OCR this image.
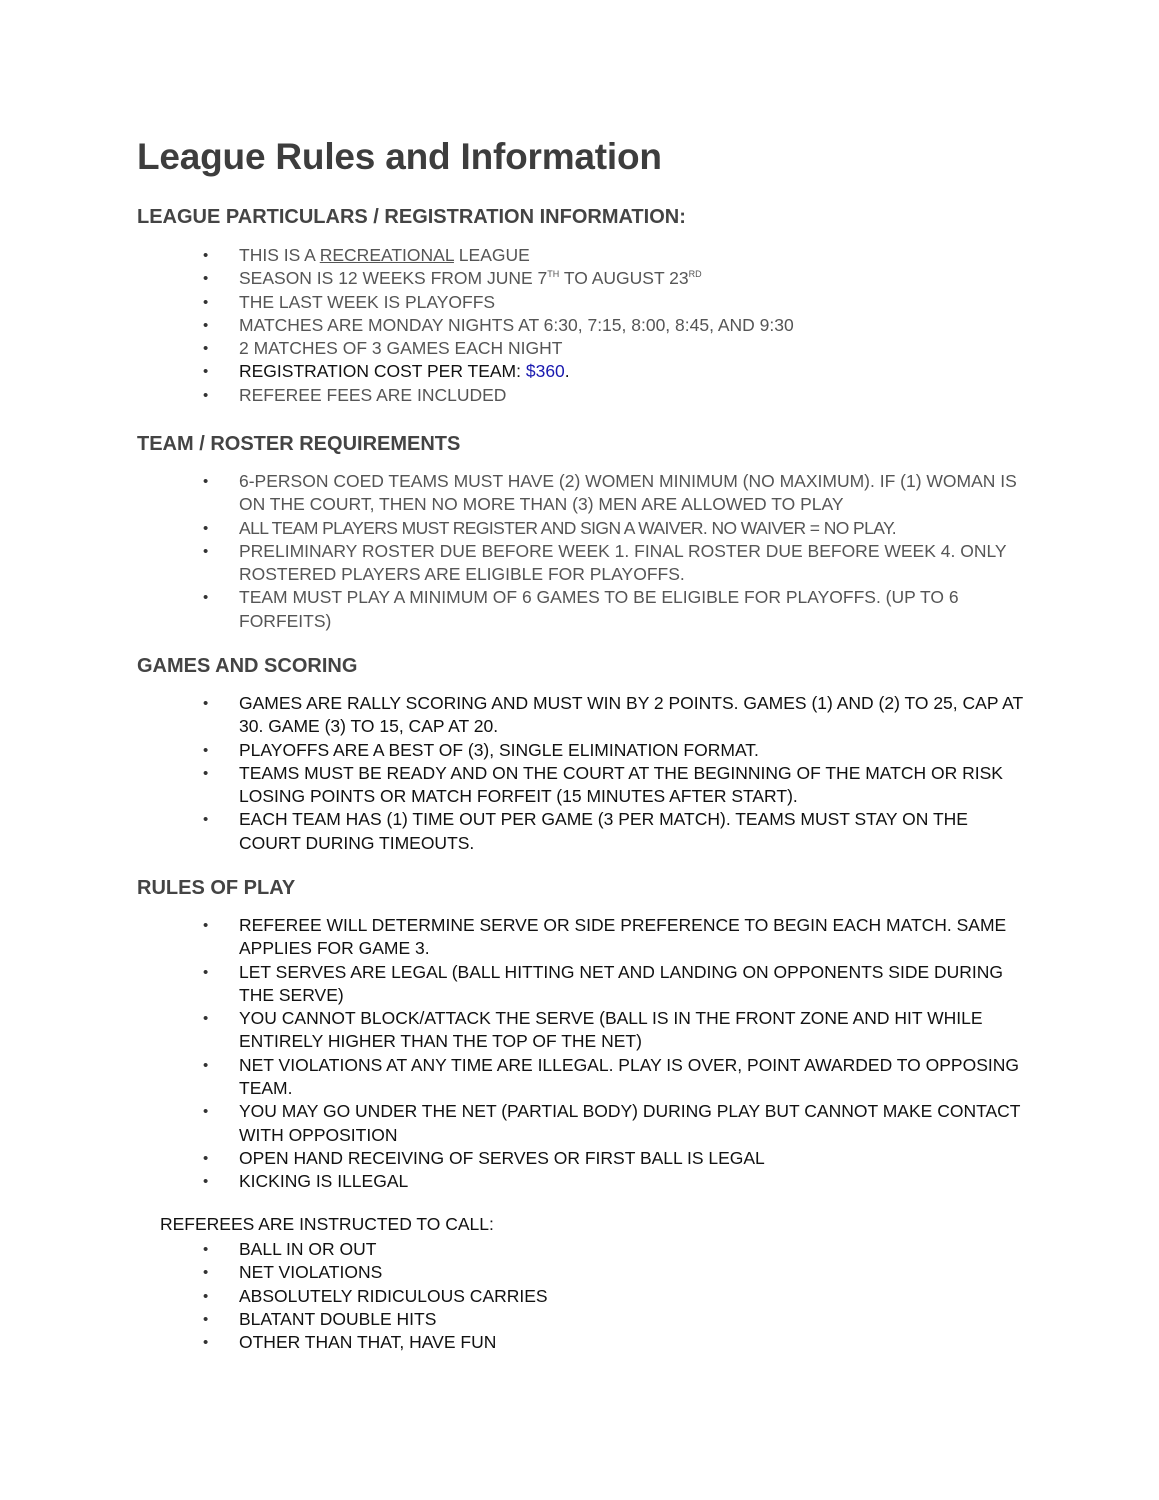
League Rules and Information
LEAGUE PARTICULARS / REGISTRATION INFORMATION:
• THIS IS A RECREATIONAL LEAGUE
• SEASON IS 12 WEEKS FROM JUNE 7TH TO AUGUST 23RD
• THE LAST WEEK IS PLAYOFFS
• MATCHES ARE MONDAY NIGHTS AT 6:30, 7:15, 8:00, 8:45, AND 9:30
• 2 MATCHES OF 3 GAMES EACH NIGHT
• REGISTRATION COST PER TEAM: $360.
• REFEREE FEES ARE INCLUDED
TEAM / ROSTER REQUIREMENTS
• 6-PERSON COED TEAMS MUST HAVE (2) WOMEN MINIMUM (NO MAXIMUM). IF (1) WOMAN IS ON THE COURT, THEN NO MORE THAN (3) MEN ARE ALLOWED TO PLAY
• ALL TEAM PLAYERS MUST REGISTER AND SIGN A WAIVER. NO WAIVER = NO PLAY.
• PRELIMINARY ROSTER DUE BEFORE WEEK 1. FINAL ROSTER DUE BEFORE WEEK 4. ONLY ROSTERED PLAYERS ARE ELIGIBLE FOR PLAYOFFS.
• TEAM MUST PLAY A MINIMUM OF 6 GAMES TO BE ELIGIBLE FOR PLAYOFFS. (UP TO 6 FORFEITS)
GAMES AND SCORING
• GAMES ARE RALLY SCORING AND MUST WIN BY 2 POINTS. GAMES (1) AND (2) TO 25, CAP AT 30. GAME (3) TO 15, CAP AT 20.
• PLAYOFFS ARE A BEST OF (3), SINGLE ELIMINATION FORMAT.
• TEAMS MUST BE READY AND ON THE COURT AT THE BEGINNING OF THE MATCH OR RISK LOSING POINTS OR MATCH FORFEIT (15 MINUTES AFTER START).
• EACH TEAM HAS (1) TIME OUT PER GAME (3 PER MATCH). TEAMS MUST STAY ON THE COURT DURING TIMEOUTS.
RULES OF PLAY
• REFEREE WILL DETERMINE SERVE OR SIDE PREFERENCE TO BEGIN EACH MATCH. SAME APPLIES FOR GAME 3.
• LET SERVES ARE LEGAL (BALL HITTING NET AND LANDING ON OPPONENTS SIDE DURING THE SERVE)
• YOU CANNOT BLOCK/ATTACK THE SERVE (BALL IS IN THE FRONT ZONE AND HIT WHILE ENTIRELY HIGHER THAN THE TOP OF THE NET)
• NET VIOLATIONS AT ANY TIME ARE ILLEGAL. PLAY IS OVER, POINT AWARDED TO OPPOSING TEAM.
• YOU MAY GO UNDER THE NET (PARTIAL BODY) DURING PLAY BUT CANNOT MAKE CONTACT WITH OPPOSITION
• OPEN HAND RECEIVING OF SERVES OR FIRST BALL IS LEGAL
• KICKING IS ILLEGAL

REFEREES ARE INSTRUCTED TO CALL:

• BALL IN OR OUT
• NET VIOLATIONS
• ABSOLUTELY RIDICULOUS CARRIES
• BLATANT DOUBLE HITS
• OTHER THAN THAT, HAVE FUN
